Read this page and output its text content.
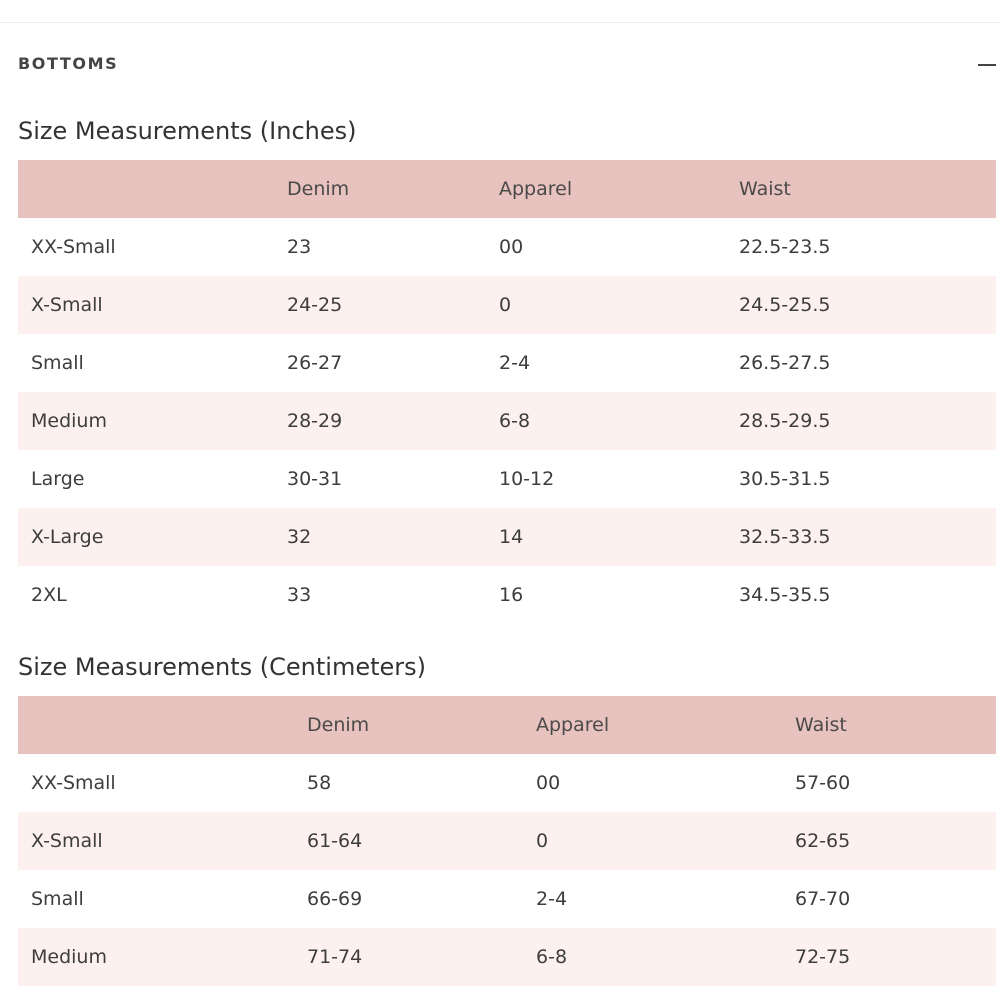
BOTTOMS
Size Measurements (Inches)
	Denim	Apparel	Waist
XX-Small	23	00	22.5-23.5
X-Small	24-25	0	24.5-25.5
Small	26-27	2-4	26.5-27.5
Medium	28-29	6-8	28.5-29.5
Large	30-31	10-12	30.5-31.5
X-Large	32	14	32.5-33.5
2XL	33	16	34.5-35.5
Size Measurements (Centimeters)
	Denim	Apparel	Waist
XX-Small	58	00	57-60
X-Small	61-64	0	62-65
Small	66-69	2-4	67-70
Medium	71-74	6-8	72-75
